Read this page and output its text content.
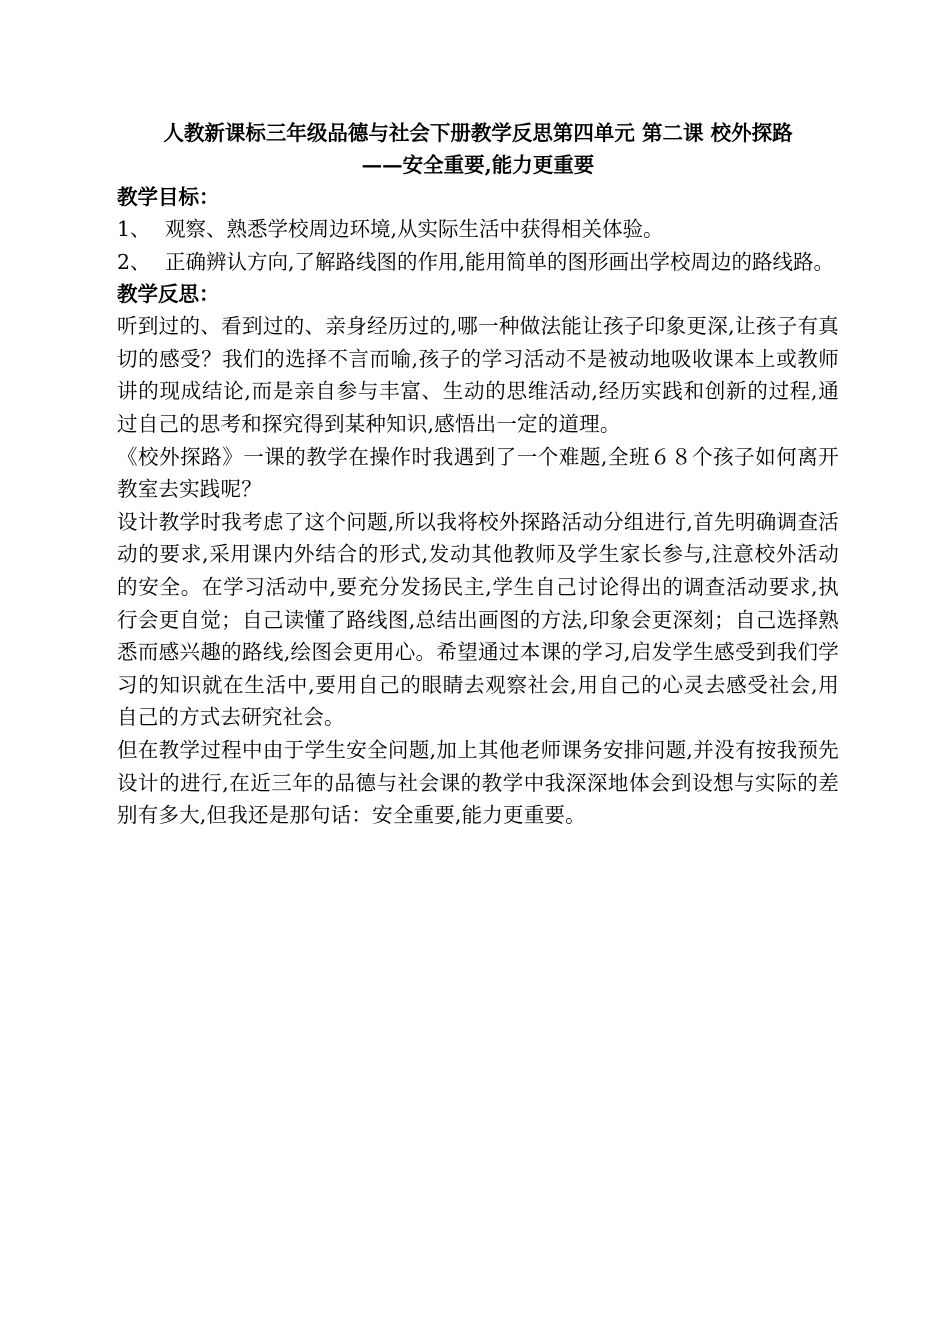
人教新课标三年级品德与社会下册教学反思第四单元 第二课 校外探路
——安全重要,能力更重要

教学目标：

1、 观察、熟悉学校周边环境,从实际生活中获得相关体验。
2、 正确辨认方向,了解路线图的作用,能用简单的图形画出学校周边的路线路。

教学反思：

听到过的、看到过的、亲身经历过的,哪一种做法能让孩子印象更深,让孩子有真切的感受？我们的选择不言而喻,孩子的学习活动不是被动地吸收课本上或教师讲的现成结论,而是亲自参与丰富、生动的思维活动,经历实践和创新的过程,通过自己的思考和探究得到某种知识,感悟出一定的道理。

《校外探路》一课的教学在操作时我遇到了一个难题,全班６８个孩子如何离开教室去实践呢？

设计教学时我考虑了这个问题,所以我将校外探路活动分组进行,首先明确调查活动的要求,采用课内外结合的形式,发动其他教师及学生家长参与,注意校外活动的安全。在学习活动中,要充分发扬民主,学生自己讨论得出的调查活动要求,执行会更自觉；自己读懂了路线图,总结出画图的方法,印象会更深刻；自己选择熟悉而感兴趣的路线,绘图会更用心。希望通过本课的学习,启发学生感受到我们学习的知识就在生活中,要用自己的眼睛去观察社会,用自己的心灵去感受社会,用自己的方式去研究社会。

但在教学过程中由于学生安全问题,加上其他老师课务安排问题,并没有按我预先设计的进行,在近三年的品德与社会课的教学中我深深地体会到设想与实际的差别有多大,但我还是那句话：安全重要,能力更重要。
